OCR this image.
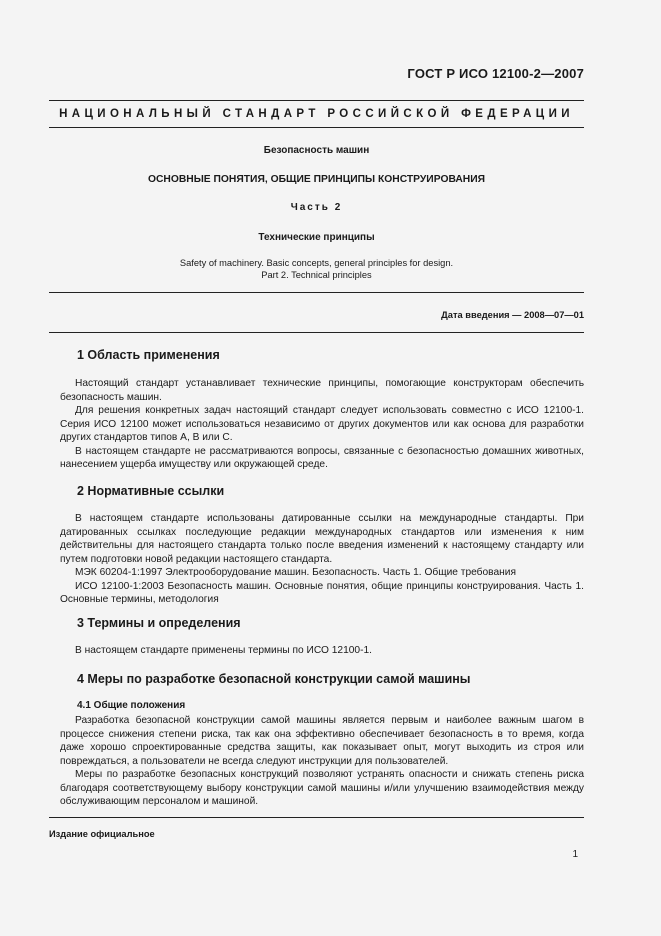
ГОСТ Р ИСО 12100-2—2007
НАЦИОНАЛЬНЫЙ СТАНДАРТ РОССИЙСКОЙ ФЕДЕРАЦИИ
Безопасность машин
ОСНОВНЫЕ ПОНЯТИЯ, ОБЩИЕ ПРИНЦИПЫ КОНСТРУИРОВАНИЯ
Часть 2
Технические принципы
Safety of machinery. Basic concepts, general principles for design.
Part 2. Technical principles
Дата введения — 2008—07—01
1 Область применения

Настоящий стандарт устанавливает технические принципы, помогающие конструкторам обеспечить безопасность машин.

Для решения конкретных задач настоящий стандарт следует использовать совместно с ИСО 12100-1. Серия ИСО 12100 может использоваться независимо от других документов или как основа для разработки других стандартов типов А, В или С.

В настоящем стандарте не рассматриваются вопросы, связанные с безопасностью домашних животных, нанесением ущерба имуществу или окружающей среде.

2 Нормативные ссылки

В настоящем стандарте использованы датированные ссылки на международные стандарты. При датированных ссылках последующие редакции международных стандартов или изменения к ним действительны для настоящего стандарта только после введения изменений к настоящему стандарту или путем подготовки новой редакции настоящего стандарта.

МЭК 60204-1:1997 Электрооборудование машин. Безопасность. Часть 1. Общие требования

ИСО 12100-1:2003 Безопасность машин. Основные понятия, общие принципы конструирования. Часть 1. Основные термины, методология

3 Термины и определения

В настоящем стандарте применены термины по ИСО 12100-1.

4 Меры по разработке безопасной конструкции самой машины
4.1 Общие положения

Разработка безопасной конструкции самой машины является первым и наиболее важным шагом в процессе снижения степени риска, так как она эффективно обеспечивает безопасность в то время, когда даже хорошо спроектированные средства защиты, как показывает опыт, могут выходить из строя или повреждаться, а пользователи не всегда следуют инструкции для пользователей.

Меры по разработке безопасных конструкций позволяют устранять опасности и снижать степень риска благодаря соответствующему выбору конструкции самой машины и/или улучшению взаимодействия между обслуживающим персоналом и машиной.

Издание официальное
1
